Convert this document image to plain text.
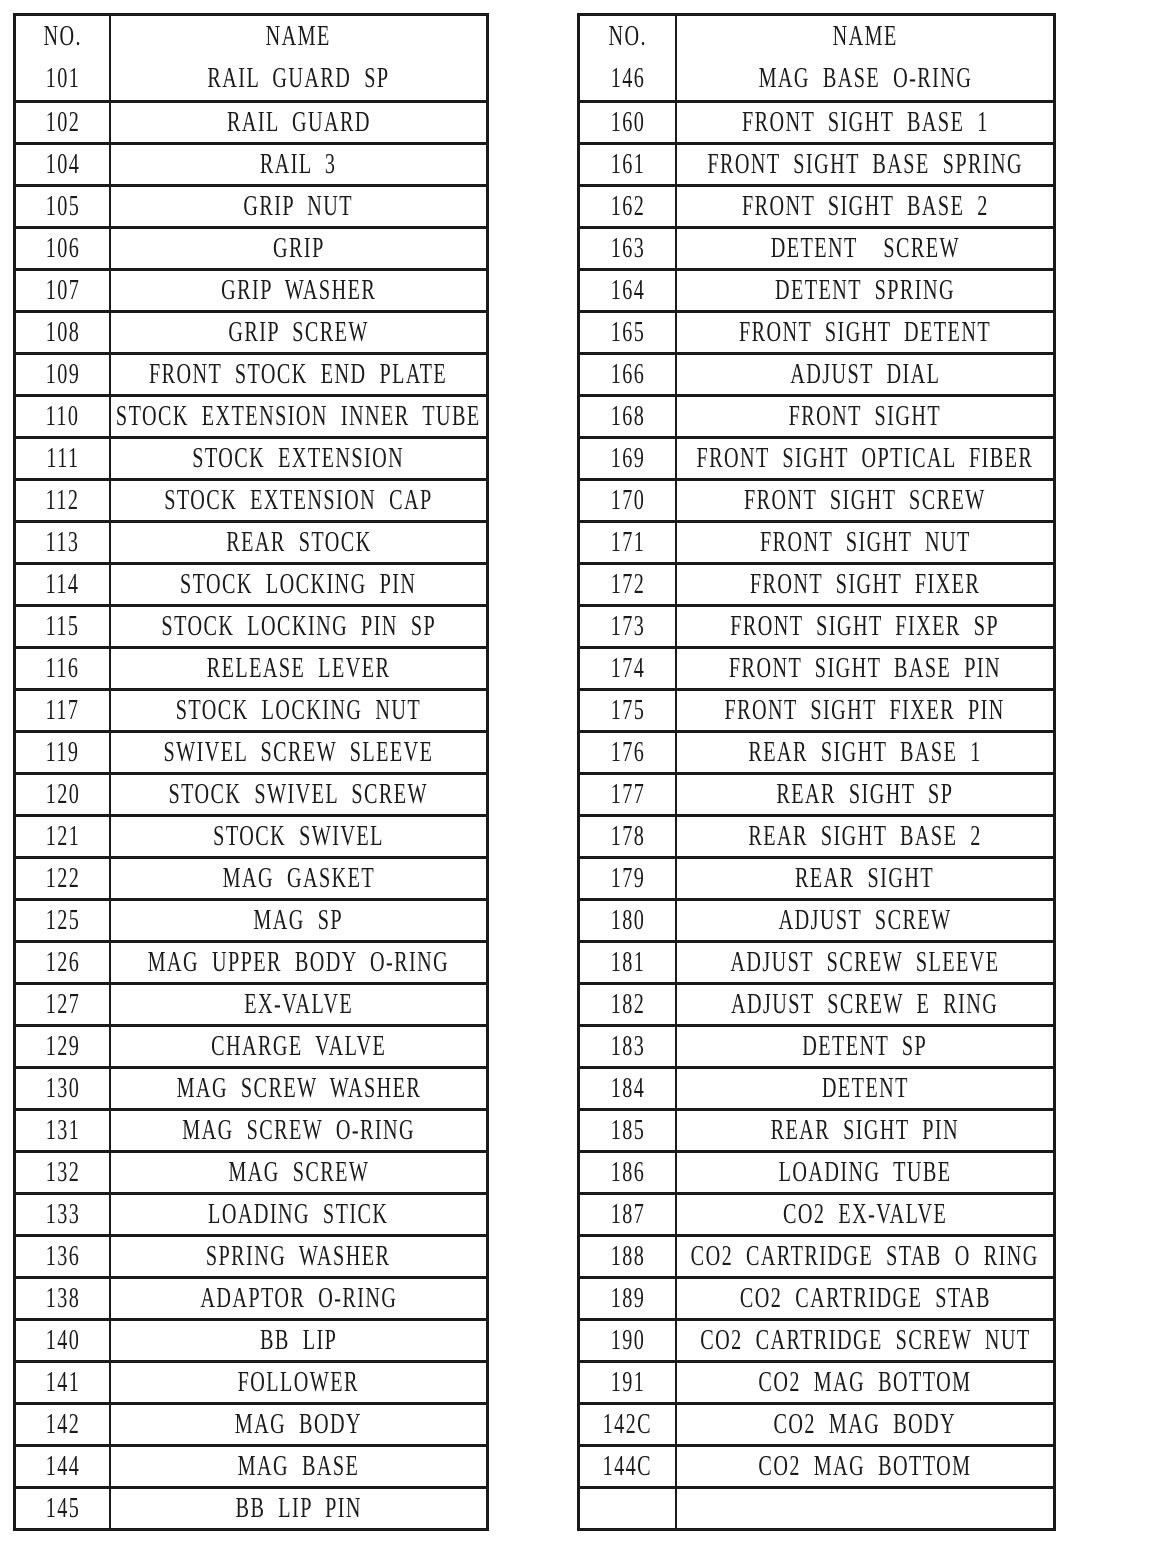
NO.	NAME
101	RAIL GUARD SP
102	RAIL GUARD
104	RAIL 3
105	GRIP NUT
106	GRIP
107	GRIP WASHER
108	GRIP SCREW
109 FRONT STOCK END PLATE
110 STOCK EXTENSION INNER TUBE
111	STOCK EXTENSION
112	STOCK EXTENSION CAP
113	REAR STOCK
114	STOCK LOCKING PIN
115	STOCK LOCKING PIN SP
116	RELEASE LEVER
117	STOCK LOCKING NUT
119	SWIVEL SCREW SLEEVE
120	STOCK SWIVEL SCREW
121	STOCK SWIVEL
122	MAG GASKET
125	MAG SP
126 MAG UPPER BODY O-RING
127	EX-VALVE
129	CHARGE VALVE
130	MAG SCREW WASHER
131	MAG SCREW O-RING
132	MAG SCREW
133	LOADING STICK
136	SPRING WASHER
138	ADAPTOR O-RING
140	BB LIP
141	FOLLOWER
142	MAG BODY
144	MAG BASE
145	BB LIP PIN
NO.	NAME
146	MAG BASE O-RING
160	FRONT SIGHT BASE 1
161 FRONT SIGHT BASE SPRING
162	FRONT SIGHT BASE 2
163	DETENT  SCREW
164	DETENT SPRING
165	FRONT SIGHT DETENT
166	ADJUST DIAL
168	FRONT SIGHT
169 FRONT SIGHT OPTICAL FIBER
170	FRONT SIGHT SCREW
171	FRONT SIGHT NUT
172	FRONT SIGHT FIXER
173	FRONT SIGHT FIXER SP
174	FRONT SIGHT BASE PIN
175	FRONT SIGHT FIXER PIN
176	REAR SIGHT BASE 1
177	REAR SIGHT SP
178	REAR SIGHT BASE 2
179	REAR SIGHT
180	ADJUST SCREW
181	ADJUST SCREW SLEEVE
182	ADJUST SCREW E RING
183	DETENT SP
184	DETENT
185	REAR SIGHT PIN
186	LOADING TUBE
187	CO2 EX-VALVE
188 CO2 CARTRIDGE STAB O RING
189	CO2 CARTRIDGE STAB
190 CO2 CARTRIDGE SCREW NUT
191	CO2 MAG BOTTOM
142C	CO2 MAG BODY
144C	CO2 MAG BOTTOM
